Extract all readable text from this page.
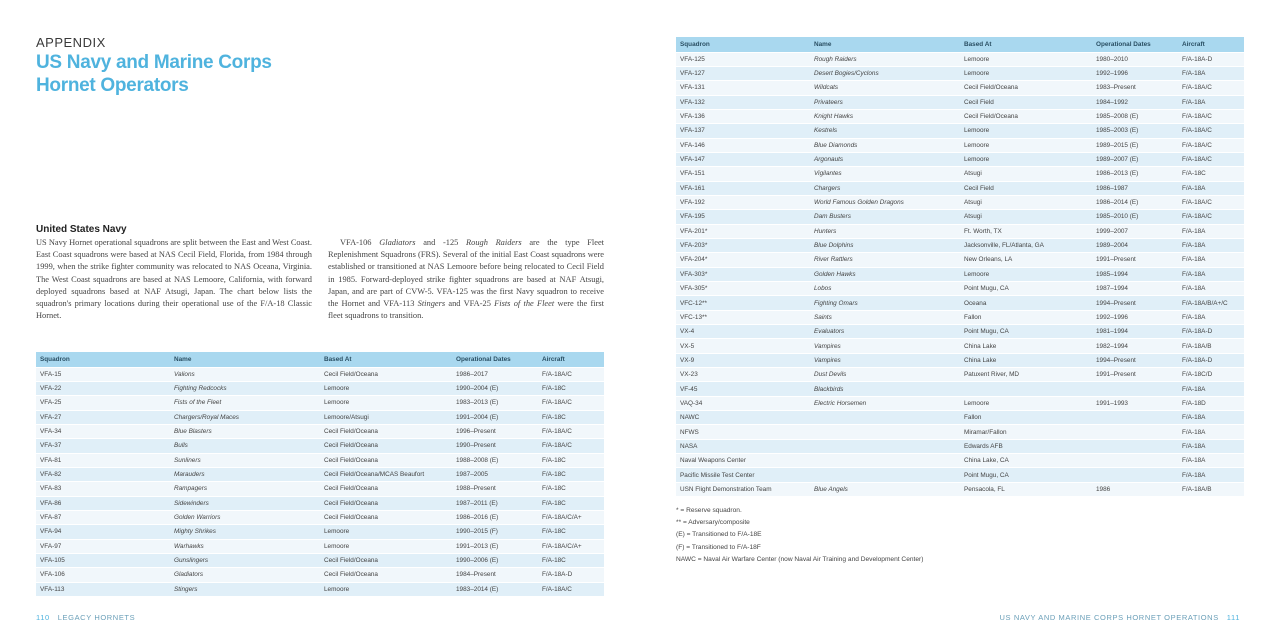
APPENDIX
US Navy and Marine Corps Hornet Operators
United States Navy

US Navy Hornet operational squadrons are split between the East and West Coast. East Coast squadrons were based at NAS Cecil Field, Florida, from 1984 through 1999, when the strike fighter community was relocated to NAS Oceana, Virginia. The West Coast squadrons are based at NAS Lemoore, California, with forward deployed squadrons based at NAF Atsugi, Japan. The chart below lists the squadron's primary locations during their operational use of the F/A-18 Classic Hornet.

VFA-106 Gladiators and -125 Rough Raiders are the type Fleet Replenishment Squadrons (FRS). Several of the initial East Coast squadrons were established or transitioned at NAS Lemoore before being relocated to Cecil Field in 1985. Forward-deployed strike fighter squadrons are based at NAF Atsugi, Japan, and are part of CVW-5. VFA-125 was the first Navy squadron to receive the Hornet and VFA-113 Stingers and VFA-25 Fists of the Fleet were the first fleet squadrons to transition.

Squadron	Name	Based At	Operational Dates	Aircraft
VFA-15	Valions	Cecil Field/Oceana	1986–2017	F/A-18A/C
VFA-22	Fighting Redcocks	Lemoore	1990–2004 (E)	F/A-18C
VFA-25	Fists of the Fleet	Lemoore	1983–2013 (E)	F/A-18A/C
VFA-27	Chargers/Royal Maces	Lemoore/Atsugi	1991–2004 (E)	F/A-18C
VFA-34	Blue Blasters	Cecil Field/Oceana	1996–Present	F/A-18A/C
VFA-37	Bulls	Cecil Field/Oceana	1990–Present	F/A-18A/C
VFA-81	Sunliners	Cecil Field/Oceana	1988–2008 (E)	F/A-18C
VFA-82	Marauders	Cecil Field/Oceana/MCAS Beaufort	1987–2005	F/A-18C
VFA-83	Rampagers	Cecil Field/Oceana	1988–Present	F/A-18C
VFA-86	Sidewinders	Cecil Field/Oceana	1987–2011 (E)	F/A-18C
VFA-87	Golden Warriors	Cecil Field/Oceana	1986–2016 (E)	F/A-18A/C/A+
VFA-94	Mighty Shrikes	Lemoore	1990–2015 (F)	F/A-18C
VFA-97	Warhawks	Lemoore	1991–2013 (E)	F/A-18A/C/A+
VFA-105	Gunslingers	Cecil Field/Oceana	1990–2006 (E)	F/A-18C
VFA-106	Gladiators	Cecil Field/Oceana	1984–Present	F/A-18A-D
VFA-113	Stingers	Lemoore	1983–2014 (E)	F/A-18A/C
110 LEGACY HORNETS	US NAVY AND MARINE CORPS HORNET OPERATIONS 111
Squadron	Name	Based At	Operational Dates	Aircraft
VFA-125	Rough Raiders	Lemoore	1980–2010	F/A-18A-D
VFA-127	Desert Bogies/Cyclons	Lemoore	1992–1996	F/A-18A
VFA-131	Wildcats	Cecil Field/Oceana	1983–Present	F/A-18A/C
VFA-132	Privateers	Cecil Field	1984–1992	F/A-18A
VFA-136	Knight Hawks	Cecil Field/Oceana	1985–2008 (E)	F/A-18A/C
VFA-137	Kestrels	Lemoore	1985–2003 (E)	F/A-18A/C
VFA-146	Blue Diamonds	Lemoore	1989–2015 (E)	F/A-18A/C
VFA-147	Argonauts	Lemoore	1989–2007 (E)	F/A-18A/C
VFA-151	Vigilantes	Atsugi	1986–2013 (E)	F/A-18C
VFA-161	Chargers	Cecil Field	1986–1987	F/A-18A
VFA-192	World Famous Golden Dragons	Atsugi	1986–2014 (E)	F/A-18A/C
VFA-195	Dam Busters	Atsugi	1985–2010 (E)	F/A-18A/C
VFA-201*	Hunters	Ft. Worth, TX	1999–2007	F/A-18A
VFA-203*	Blue Dolphins	Jacksonville, FL/Atlanta, GA	1989–2004	F/A-18A
VFA-204*	River Rattlers	New Orleans, LA	1991–Present	F/A-18A
VFA-303*	Golden Hawks	Lemoore	1985–1994	F/A-18A
VFA-305*	Lobos	Point Mugu, CA	1987–1994	F/A-18A
VFC-12**	Fighting Omars	Oceana	1994–Present	F/A-18A/B/A+/C
VFC-13**	Saints	Fallon	1992–1996	F/A-18A
VX-4	Evaluators	Point Mugu, CA	1981–1994	F/A-18A-D
VX-5	Vampires	China Lake	1982–1994	F/A-18A/B
VX-9	Vampires	China Lake	1994–Present	F/A-18A-D
VX-23	Dust Devils	Patuxent River, MD	1991–Present	F/A-18C/D
VF-45	Blackbirds			F/A-18A
VAQ-34	Electric Horsemen	Lemoore	1991–1993	F/A-18D
NAWC		Fallon		F/A-18A
NFWS		Miramar/Fallon		F/A-18A
NASA		Edwards AFB		F/A-18A
Naval Weapons Center		China Lake, CA		F/A-18A
Pacific Missile Test Center		Point Mugu, CA		F/A-18A
USN Flight Demonstration Team	Blue Angels	Pensacola, FL	1986	F/A-18A/B
* = Reserve squadron.
** = Adversary/composite
(E) = Transitioned to F/A-18E
(F) = Transitioned to F/A-18F
NAWC = Naval Air Warfare Center (now Naval Air Training and Development Center)
